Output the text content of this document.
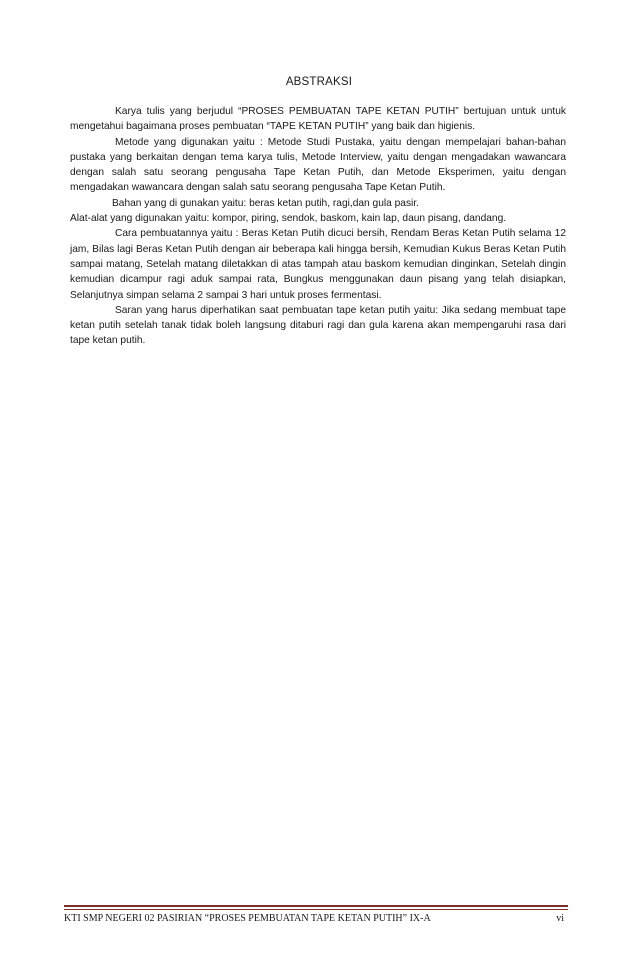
ABSTRAKSI

Karya tulis yang berjudul “PROSES PEMBUATAN TAPE KETAN PUTIH” bertujuan untuk untuk mengetahui bagaimana proses pembuatan “TAPE KETAN PUTIH” yang baik dan higienis.

Metode yang digunakan yaitu : Metode Studi Pustaka, yaitu dengan mempelajari bahan-bahan pustaka yang berkaitan dengan tema karya tulis, Metode Interview, yaitu dengan mengadakan wawancara dengan salah satu seorang pengusaha Tape Ketan Putih, dan Metode Eksperimen, yaitu dengan mengadakan wawancara dengan salah satu seorang pengusaha Tape Ketan Putih.

Bahan yang di gunakan yaitu: beras ketan putih, ragi,dan gula pasir.

Alat-alat yang digunakan yaitu: kompor, piring, sendok, baskom, kain lap, daun pisang, dandang.

Cara pembuatannya yaitu : Beras Ketan Putih dicuci bersih, Rendam Beras Ketan Putih selama 12 jam, Bilas lagi Beras Ketan Putih dengan air beberapa kali hingga bersih, Kemudian Kukus Beras Ketan Putih sampai matang, Setelah matang diletakkan di atas tampah atau baskom kemudian dinginkan, Setelah dingin kemudian dicampur ragi aduk sampai rata, Bungkus menggunakan daun pisang yang telah disiapkan, Selanjutnya simpan selama 2 sampai 3 hari untuk proses fermentasi.

Saran yang harus diperhatikan saat pembuatan tape ketan putih yaitu: Jika sedang membuat tape ketan putih setelah tanak tidak boleh langsung ditaburi ragi dan gula karena akan mempengaruhi rasa dari tape ketan putih.

KTI SMP NEGERI 02 PASIRIAN “PROSES PEMBUATAN TAPE KETAN PUTIH” IX-A	vi
